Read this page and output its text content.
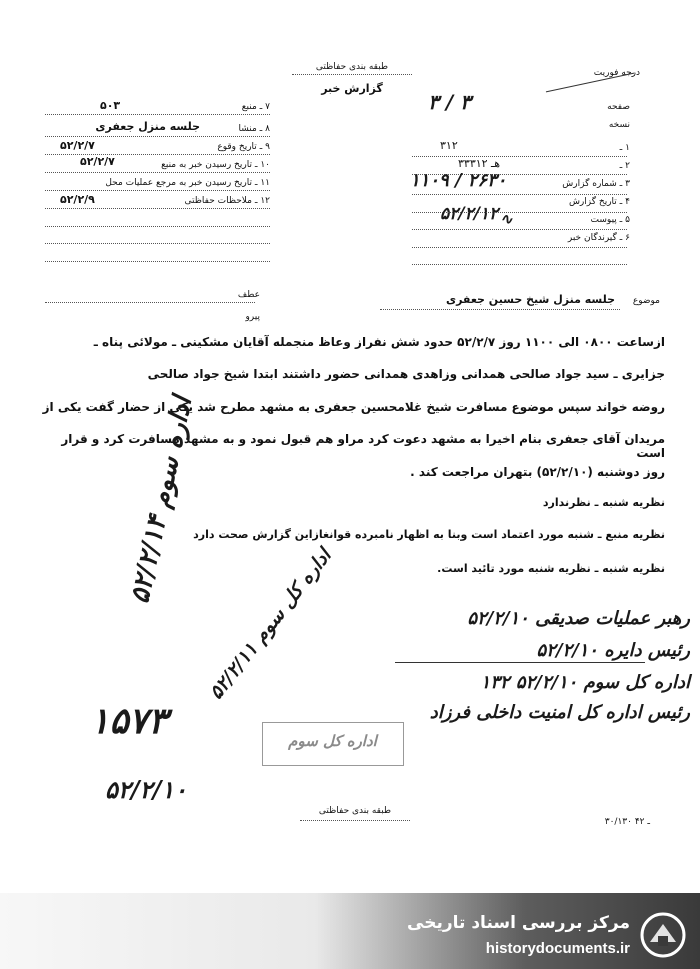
درجه فوریت
طبقه بندی حفاظتی
گزارش خبر
صفحه
نسخه
۳ / ۳
۱ ـ
۳۱۲
۲ ـ
۳۳۳هـ ۱۲
۳ ـ شماره گزارش
۱۱۰۹ / ۲۶۳۰
۴ ـ تاریخ گزارش
۵۲/۲/۱۲	۵ ـ پیوست
∿
۶ ـ گیرندگان خبر
۷ ـ منبع
۵۰۳
۸ ـ منشا
جلسه منزل جعفری
۹ ـ تاریخ وقوع
۵۲/۲/۷
۱۰ ـ تاریخ رسیدن خبر به منبع
۵۲/۲/۷
۱۱ ـ تاریخ رسیدن خبر به مرجع عملیات محل
۱۲ ـ ملاحظات حفاظتی
۵۲/۲/۹
عطف
پیرو
موضوع
جلسه منزل شیخ حسین جعفری
ازساعت ۰۸۰۰ الی ۱۱۰۰ روز ۵۲/۲/۷ حدود شش نفراز وعاظ منجمله آقایان مشکینی ـ مولائی پناه ـ
جزایری ـ سید جواد صالحی همدانی وزاهدی همدانی حضور داشتند ابتدا شیخ جواد صالحی
روضه خواند سپس موضوع مسافرت شیخ غلامحسین جعفری به مشهد مطرح شد یکی از حضار گفت یکی از
مریدان آقای جعفری بنام اخیرا به مشهد دعوت کرد مراو هم قبول نمود و به مشهد مسافرت کرد و قرار است
روز دوشنبه (۵۲/۲/۱۰) بتهران مراجعت کند .
نظریه شنبه ـ نظرندارد
نظریه منبع ـ شنبه مورد اعتماد است وبنا به اظهار نامبرده قوانغازاین گزارش صحت دارد
نظریه شنبه ـ نظریه شنبه مورد تائید است.
۵۲/۲/۱۴ اداره سوم
اداره کل سوم ۵۲/۲/۱۱	رهبر عملیات صدیقی ۵۲/۲/۱۰
رئیس دایره ۵۲/۲/۱۰
اداره کل سوم ۵۲/۲/۱۰ ۱۳۲
رئیس اداره کل امنیت داخلی فرزاد
اداره کل سوم
۱۵۷۳
۵۲/۲/۱۰
طبقه بندی حفاظتی
۳۰/۱۳۰ ـ ۴۲
مرکز بررسی اسناد تاریخی
historydocuments.ir
